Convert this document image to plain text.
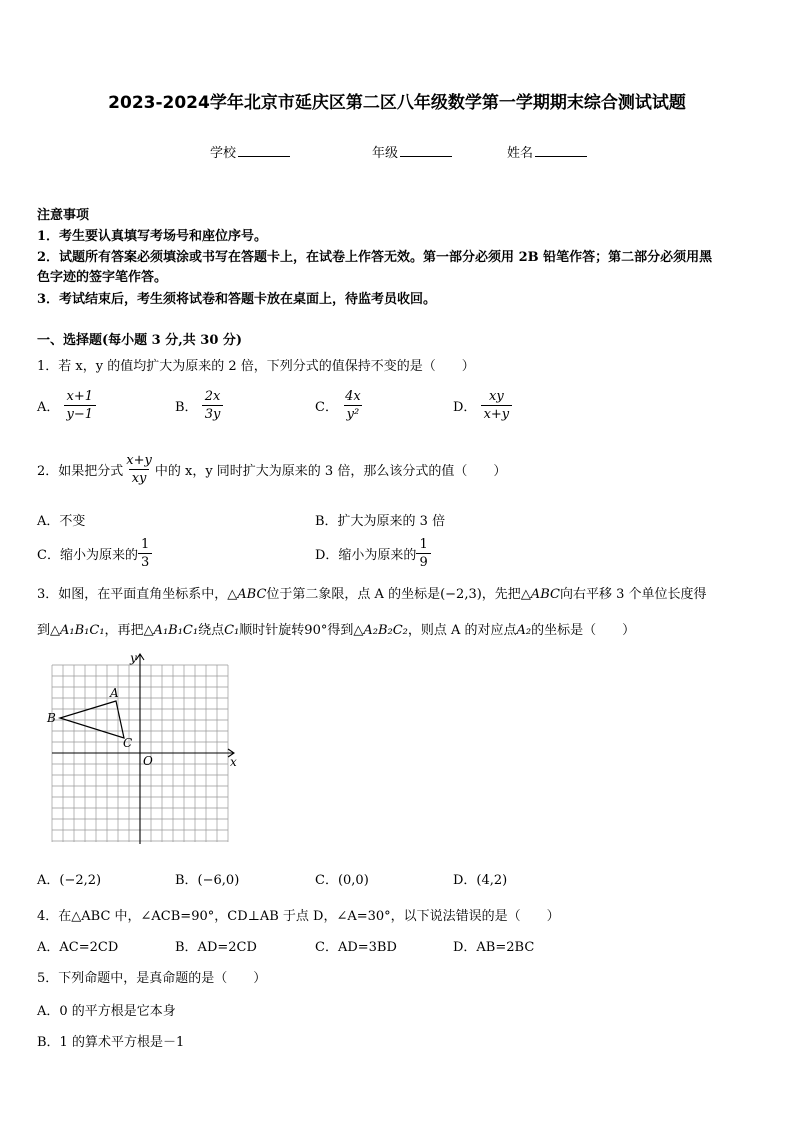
2023-2024学年北京市延庆区第二区八年级数学第一学期期末综合测试试题
学校	年级	姓名
注意事项
1．考生要认真填写考场号和座位序号。
2．试题所有答案必须填涂或书写在答题卡上，在试卷上作答无效。第一部分必须用 2B 铅笔作答；第二部分必须用黑
色字迹的签字笔作答。
3．考试结束后，考生须将试卷和答题卡放在桌面上，待监考员收回。
一、选择题(每小题 3 分,共 30 分)
1．若 x，y 的值均扩大为原来的 2 倍，下列分式的值保持不变的是（　　）
A． $\frac{x+1}{y-1}$	B． $\frac{2x}{3y}$	C． $\frac{4x}{\text{y²}}$	D． $\frac{xy}{x+y}$
2．如果把分式 $\frac{x+y}{xy}$ 中的 x，y 同时扩大为原来的 3 倍，那么该分式的值（　　）
A．不变	B．扩大为原来的 3 倍
C．缩小为原来的 $\frac{1}{3}$	D．缩小为原来的 $\frac{1}{9}$
3．如图，在平面直角坐标系中，△ABC位于第二象限，点 A 的坐标是(−2,3)，先把△ABC向右平移 3 个单位长度得
到△A₁B₁C₁，再把△A₁B₁C₁绕点C₁顺时针旋转90°得到△A₂B₂C₂，则点 A 的对应点A₂的坐标是（　　）
x
y
O
A
B
C
A．(−2,2)	B．(−6,0)	C．(0,0)	D．(4,2)
4．在△ABC 中，∠ACB=90°，CD⊥AB 于点 D，∠A=30°，以下说法错误的是（　　）
A．AC=2CD	B．AD=2CD	C．AD=3BD	D．AB=2BC
5．下列命题中，是真命题的是（　　）
A．0 的平方根是它本身
B．1 的算术平方根是－1
